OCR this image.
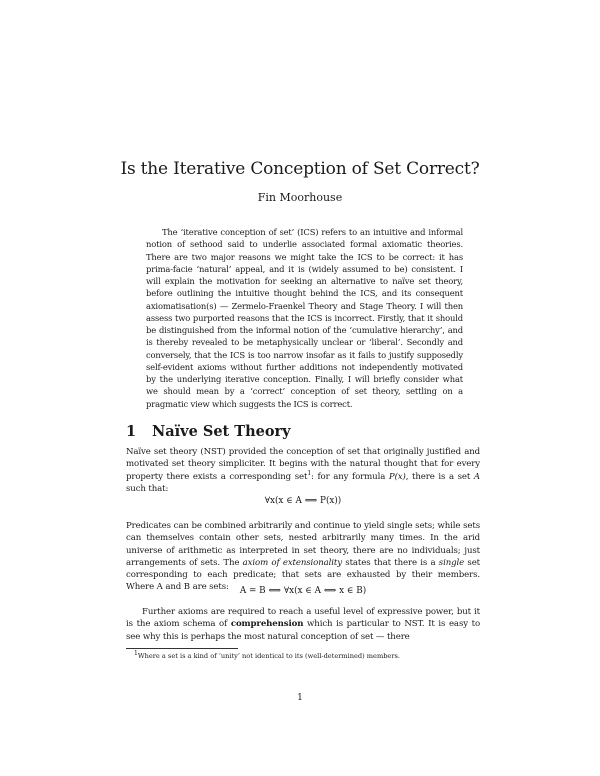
Is the Iterative Conception of Set Correct?
Fin Moorhouse
The ‘iterative conception of set’ (ICS) refers to an intuitive and informal notion of sethood said to underlie associated formal axiomatic theories. There are two major reasons we might take the ICS to be correct: it has prima-facie ‘natural’ appeal, and it is (widely assumed to be) consistent. I will explain the motivation for seeking an alternative to naïve set theory, before outlining the intuitive thought behind the ICS, and its consequent axiomatisation(s) — Zermelo-Fraenkel Theory and Stage Theory. I will then assess two purported reasons that the ICS is incorrect. Firstly, that it should be distinguished from the informal notion of the ‘cumulative hierarchy’, and is thereby revealed to be metaphysically unclear or ‘liberal’. Secondly and conversely, that the ICS is too narrow insofar as it fails to justify supposedly self-evident axioms without further additions not independently motivated by the underlying iterative conception. Finally, I will briefly consider what we should mean by a ‘correct’ conception of set theory, settling on a pragmatic view which suggests the ICS is correct.
1 Naïve Set Theory
Naïve set theory (NST) provided the conception of set that originally justified and motivated set theory simpliciter. It begins with the natural thought that for every property there exists a corresponding set$^1$: for any formula P(x), there is a set A such that:
∀x(x ∈ A ⟺ P(x))
Predicates can be combined arbitrarily and continue to yield single sets; while sets can themselves contain other sets, nested arbitrarily many times. In the arid universe of arithmetic as interpreted in set theory, there are no individuals; just arrangements of sets. The axiom of extensionality states that there is a single set corresponding to each predicate; that sets are exhausted by their members. Where A and B are sets:	A = B ⟺ ∀x(x ∈ A ⟺ x ∈ B)
Further axioms are required to reach a useful level of expressive power, but it is the axiom schema of comprehension which is particular to NST. It is easy to see why this is perhaps the most natural conception of set — there
$^1$Where a set is a kind of ‘unity’ not identical to its (well-determined) members.
1
